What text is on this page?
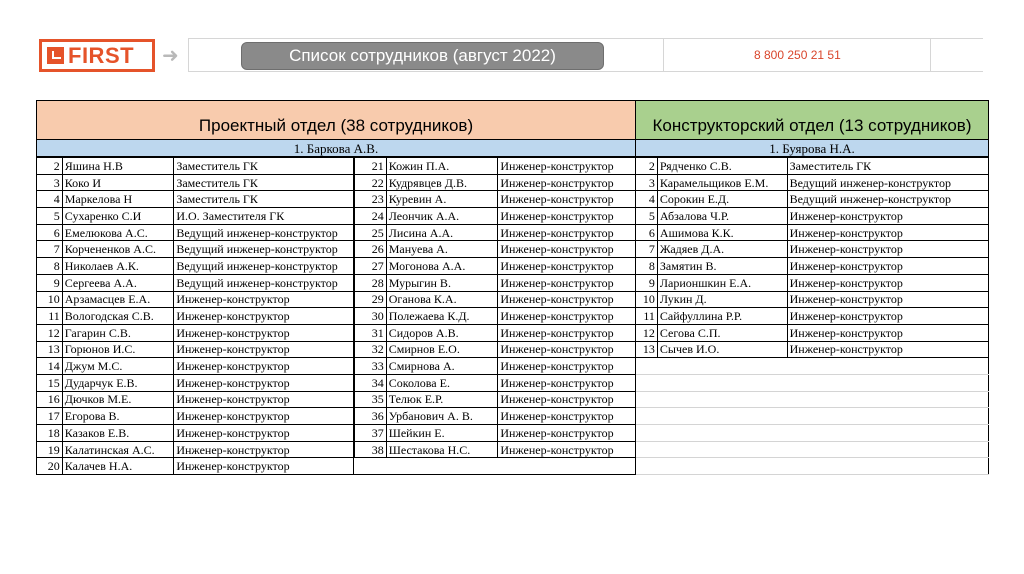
FIRST ➜	Список сотрудников (август 2022)	8 800 250 21 51
Проектный отдел (38 сотрудников)
1. Баркова А.В.
2	Яшина Н.В	Заместитель ГК
3	Коко И	Заместитель ГК
4	Маркелова Н	Заместитель ГК
5	Сухаренко С.И	И.О. Заместителя ГК
6	Емелюкова А.С.	Ведущий инженер-конструктор
7	Корчененков А.С.	Ведущий инженер-конструктор
8	Николаев А.К.	Ведущий инженер-конструктор
9	Сергеева А.А.	Ведущий инженер-конструктор
10	Арзамасцев Е.А.	Инженер-конструктор
11	Вологодская С.В.	Инженер-конструктор
12	Гагарин С.В.	Инженер-конструктор
13	Горюнов И.С.	Инженер-конструктор
14	Джум М.С.	Инженер-конструктор
15	Дударчук Е.В.	Инженер-конструктор
16	Дючков М.Е.	Инженер-конструктор
17	Егорова В.	Инженер-конструктор
18	Казаков Е.В.	Инженер-конструктор
19	Калатинская А.С.	Инженер-конструктор
20	Калачев Н.А.	Инженер-конструктор
21	Кожин П.А.	Инженер-конструктор
22	Кудрявцев Д.В.	Инженер-конструктор
23	Куревин А.	Инженер-конструктор
24	Леончик А.А.	Инженер-конструктор
25	Лисина А.А.	Инженер-конструктор
26	Мануева А.	Инженер-конструктор
27	Могонова А.А.	Инженер-конструктор
28	Мурыгин В.	Инженер-конструктор
29	Оганова К.А.	Инженер-конструктор
30	Полежаева К.Д.	Инженер-конструктор
31	Сидоров А.В.	Инженер-конструктор
32	Смирнов Е.О.	Инженер-конструктор
33	Смирнова А.	Инженер-конструктор
34	Соколова Е.	Инженер-конструктор
35	Телюк Е.Р.	Инженер-конструктор
36	Урбанович А. В.	Инженер-конструктор
37	Шейкин Е.	Инженер-конструктор
38	Шестакова Н.С.	Инженер-конструктор
Конструкторский отдел (13 сотрудников)
1. Буярова Н.А.
2	Рядченко С.В.	Заместитель ГК
3	Карамельщиков Е.М.	Ведущий инженер-конструктор
4	Сорокин Е.Д.	Ведущий инженер-конструктор
5	Абзалова Ч.Р.	Инженер-конструктор
6	Ашимова К.К.	Инженер-конструктор
7	Жадяев Д.А.	Инженер-конструктор
8	Замятин В.	Инженер-конструктор
9	Ларионшкин Е.А.	Инженер-конструктор
10	Лукин Д.	Инженер-конструктор
11	Сайфуллина Р.Р.	Инженер-конструктор
12	Сегова С.П.	Инженер-конструктор
13	Сычев И.О.	Инженер-конструктор
